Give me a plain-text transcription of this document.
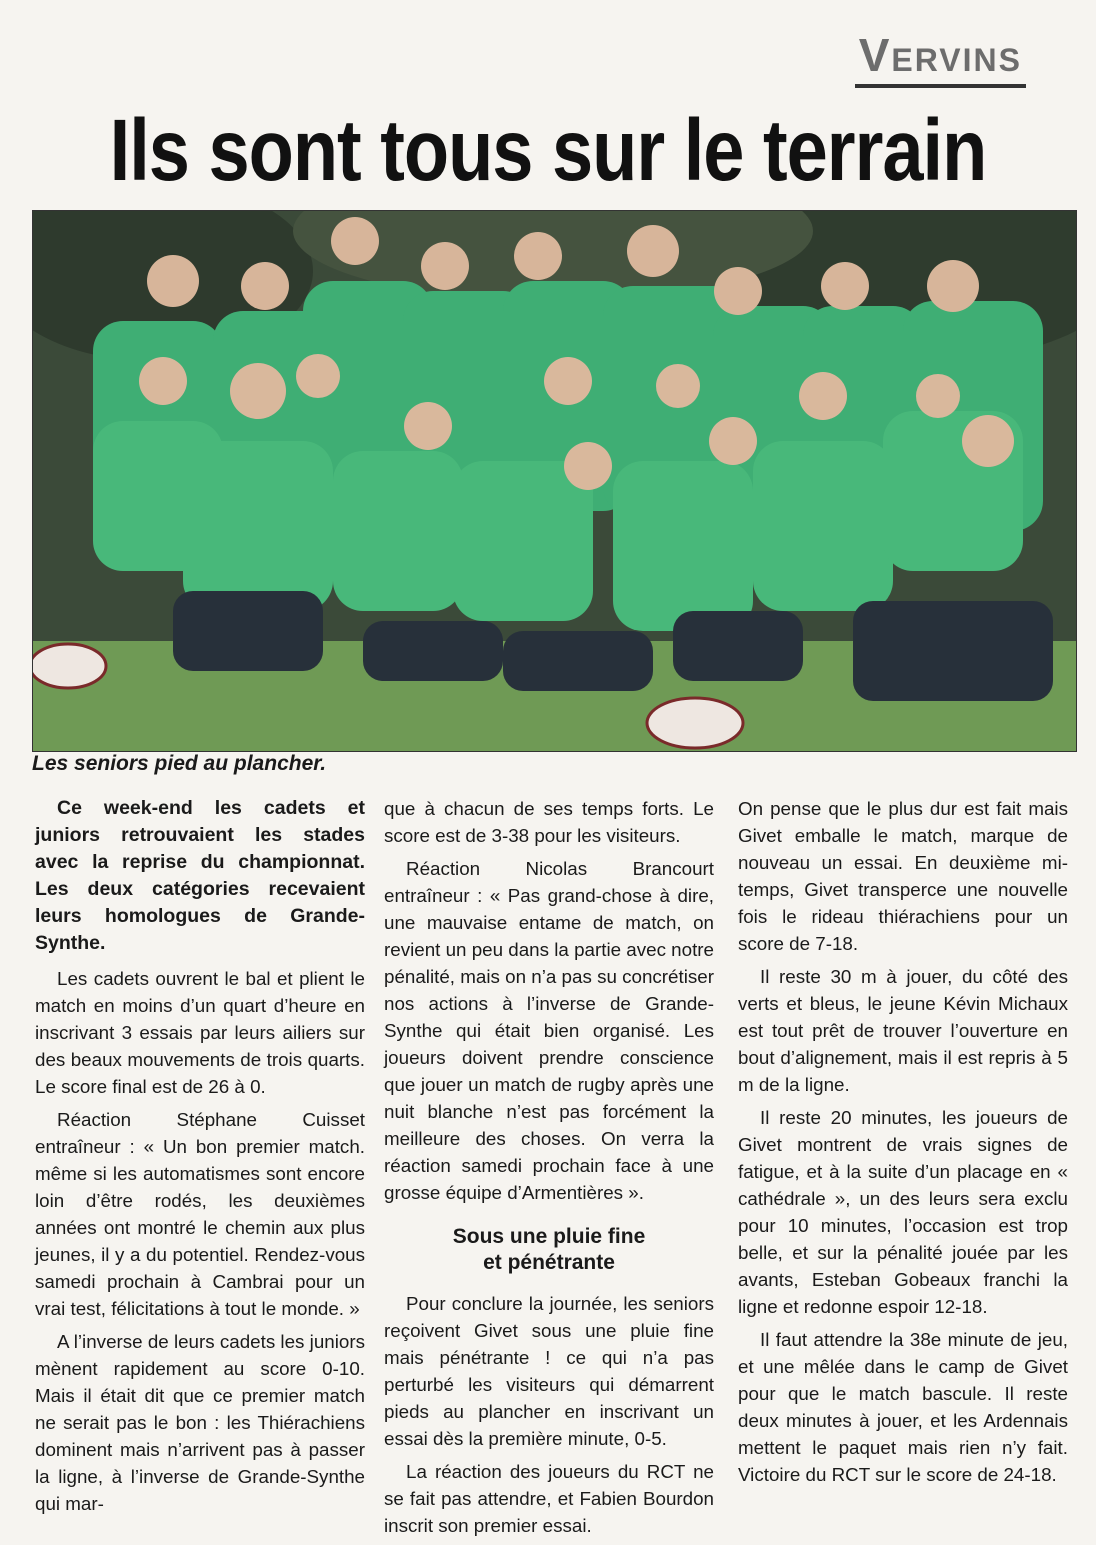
Vervins
Ils sont tous sur le terrain
Les seniors pied au plancher.

Ce week-end les cadets et juniors retrouvaient les stades avec la reprise du championnat. Les deux catégories recevaient leurs homologues de Grande-Synthe.

Les cadets ouvrent le bal et plient le match en moins d’un quart d’heure en inscrivant 3 essais par leurs ailiers sur des beaux mouvements de trois quarts. Le score final est de 26 à 0.

Réaction Stéphane Cuisset entraîneur : « Un bon premier match. même si les automatismes sont encore loin d’être rodés, les deuxièmes années ont montré le chemin aux plus jeunes, il y a du potentiel. Rendez-vous samedi prochain à Cambrai pour un vrai test, félicitations à tout le monde. »

A l’inverse de leurs cadets les juniors mènent rapidement au score 0-10. Mais il était dit que ce premier match ne serait pas le bon : les Thiérachiens dominent mais n’arrivent pas à passer la ligne, à l’inverse de Grande-Synthe qui mar-

que à chacun de ses temps forts. Le score est de 3-38 pour les visiteurs.

Réaction Nicolas Brancourt entraîneur : « Pas grand-chose à dire, une mauvaise entame de match, on revient un peu dans la partie avec notre pénalité, mais on n’a pas su concrétiser nos actions à l’inverse de Grande-Synthe qui était bien organisé. Les joueurs doivent prendre conscience que jouer un match de rugby après une nuit blanche n’est pas forcément la meilleure des choses. On verra la réaction samedi prochain face à une grosse équipe d’Armentières ».

Sous une pluie fine
et pénétrante

Pour conclure la journée, les seniors reçoivent Givet sous une pluie fine mais pénétrante ! ce qui n’a pas perturbé les visiteurs qui démarrent pieds au plancher en inscrivant un essai dès la première minute, 0-5.

La réaction des joueurs du RCT ne se fait pas attendre, et Fabien Bourdon inscrit son premier essai.

On pense que le plus dur est fait mais Givet emballe le match, marque de nouveau un essai. En deuxième mi-temps, Givet transperce une nouvelle fois le rideau thiérachiens pour un score de 7-18.

Il reste 30 m à jouer, du côté des verts et bleus, le jeune Kévin Michaux est tout prêt de trouver l’ouverture en bout d’alignement, mais il est repris à 5 m de la ligne.

Il reste 20 minutes, les joueurs de Givet montrent de vrais signes de fatigue, et à la suite d’un placage en « cathédrale », un des leurs sera exclu pour 10 minutes, l’occasion est trop belle, et sur la pénalité jouée par les avants, Esteban Gobeaux franchi la ligne et redonne espoir 12-18.

Il faut attendre la 38e minute de jeu, et une mêlée dans le camp de Givet pour que le match bascule. Il reste deux minutes à jouer, et les Ardennais mettent le paquet mais rien n’y fait. Victoire du RCT sur le score de 24-18.
